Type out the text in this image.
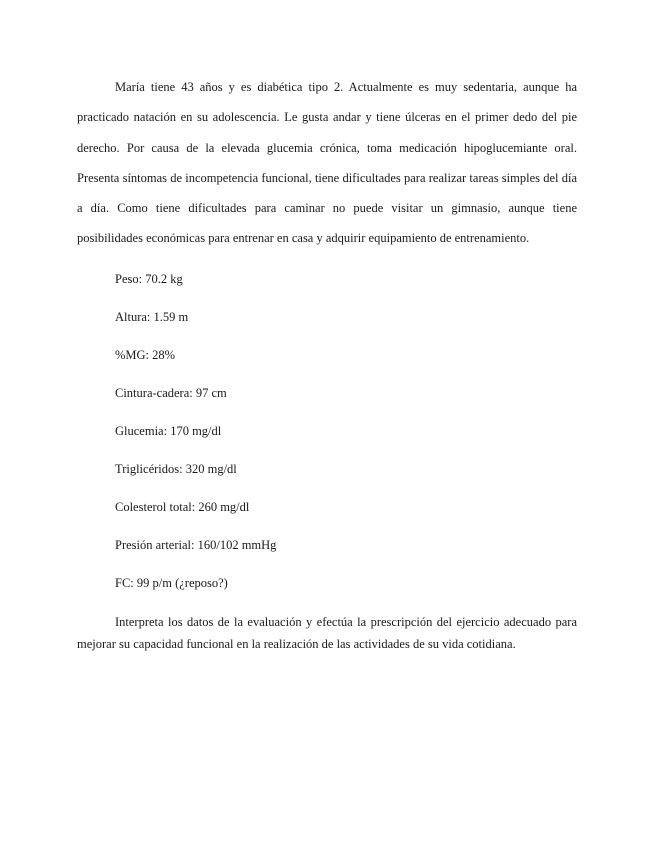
María tiene 43 años y es diabética tipo 2. Actualmente es muy sedentaria, aunque ha practicado natación en su adolescencia. Le gusta andar y tiene úlceras en el primer dedo del pie derecho. Por causa de la elevada glucemia crónica, toma medicación hipoglucemiante oral. Presenta síntomas de incompetencia funcional, tiene dificultades para realizar tareas simples del día a día. Como tiene dificultades para caminar no puede visitar un gimnasio, aunque tiene posibilidades económicas para entrenar en casa y adquirir equipamiento de entrenamiento.

Peso: 70.2 kg

Altura: 1.59 m

%MG: 28%

Cintura-cadera: 97 cm

Glucemia: 170 mg/dl

Triglicéridos: 320 mg/dl

Colesterol total: 260 mg/dl

Presión arterial: 160/102 mmHg

FC: 99 p/m (¿reposo?)

Interpreta los datos de la evaluación y efectúa la prescripción del ejercicio adecuado para mejorar su capacidad funcional en la realización de las actividades de su vida cotidiana.
